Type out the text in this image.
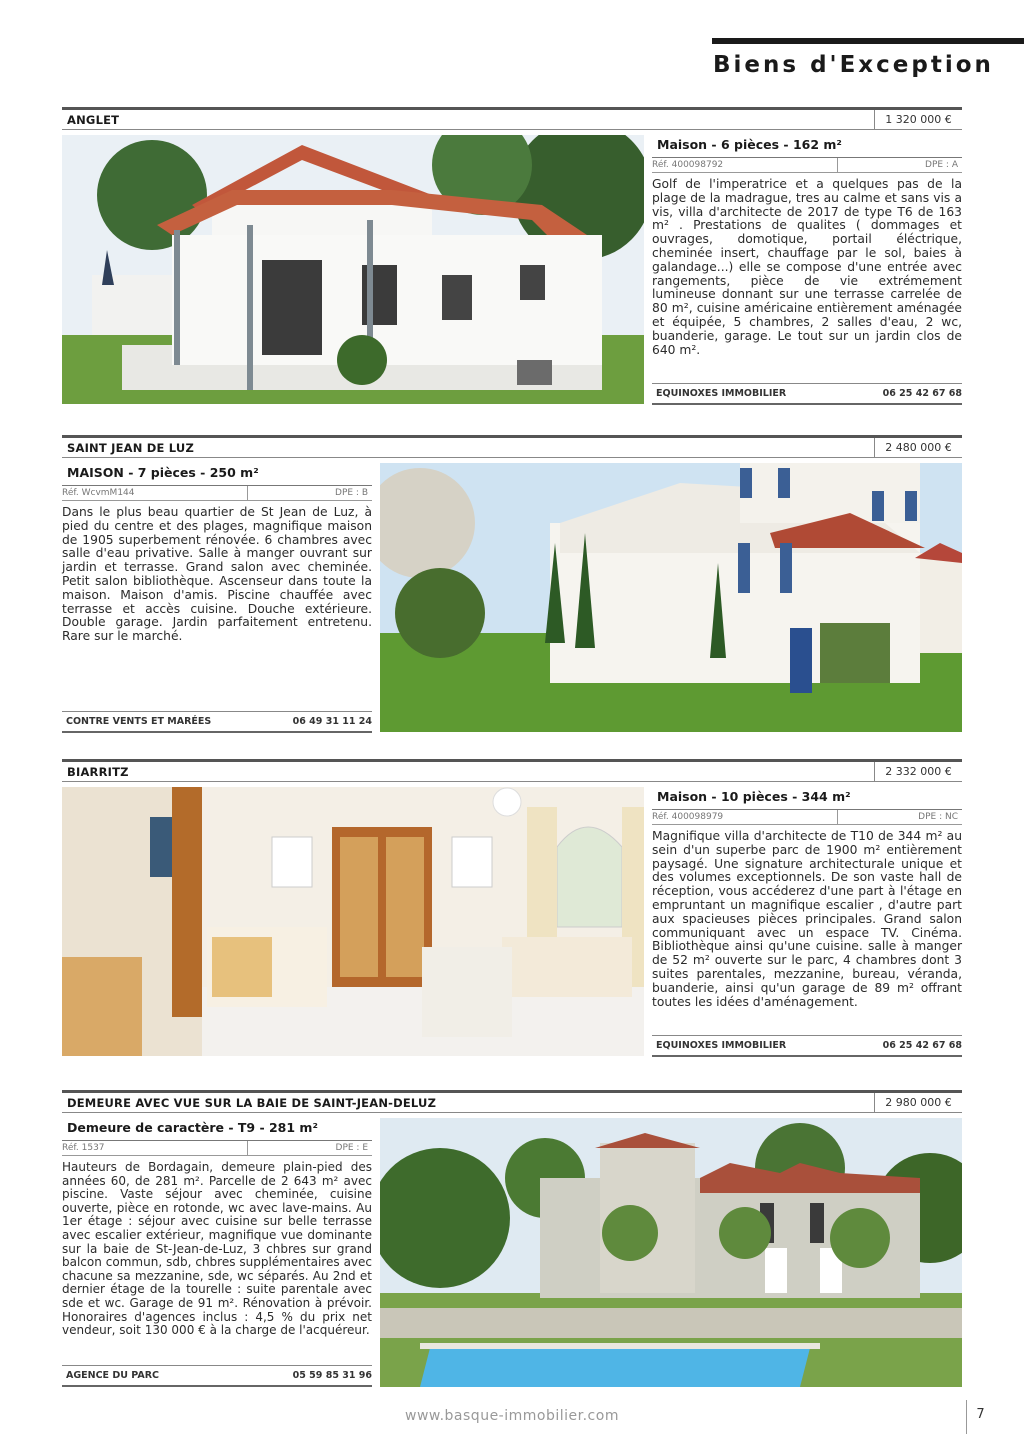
Biens d'Exception
ANGLET	1 320 000 €
Maison - 6 pièces - 162 m²
Réf. 400098792	DPE : A
Golf de l'imperatrice et a quelques pas de la plage de la madrague, tres au calme et sans vis a vis, villa d'architecte de 2017 de type T6 de 163 m² . Prestations de qualites ( dommages et ouvrages, domotique, portail éléctrique, cheminée insert, chauffage par le sol, baies à galandage...) elle se compose d'une entrée avec rangements, pièce de vie extrémement lumineuse donnant sur une terrasse carrelée de 80 m², cuisine américaine entièrement aménagée et équipée, 5 chambres, 2 salles d'eau, 2 wc, buanderie, garage. Le tout sur un jardin clos de 640 m².
EQUINOXES IMMOBILIER	06 25 42 67 68
SAINT JEAN DE LUZ	2 480 000 €
MAISON - 7 pièces - 250 m²
Réf. WcvmM144	DPE : B
Dans le plus beau quartier de St Jean de Luz, à pied du centre et des plages, magnifique maison de 1905 superbement rénovée. 6 chambres avec salle d'eau privative. Salle à manger ouvrant sur jardin et terrasse. Grand salon avec cheminée. Petit salon bibliothèque. Ascenseur dans toute la maison. Maison d'amis. Piscine chauffée avec terrasse et accès cuisine. Douche extérieure. Double garage. Jardin parfaitement entretenu. Rare sur le marché.
CONTRE VENTS ET MARÉES	06 49 31 11 24
BIARRITZ	2 332 000 €
Maison - 10 pièces - 344 m²
Réf. 400098979	DPE : NC
Magnifique villa d'architecte de T10 de 344 m² au sein d'un superbe parc de 1900 m² entièrement paysagé. Une signature architecturale unique et des volumes exceptionnels. De son vaste hall de réception, vous accéderez d'une part à l'étage en empruntant un magnifique escalier , d'autre part aux spacieuses pièces principales. Grand salon communiquant avec un espace TV. Cinéma. Bibliothèque ainsi qu'une cuisine. salle à manger de 52 m² ouverte sur le parc, 4 chambres dont 3 suites parentales, mezzanine, bureau, véranda, buanderie, ainsi qu'un garage de 89 m² offrant toutes les idées d'aménagement.
EQUINOXES IMMOBILIER	06 25 42 67 68
DEMEURE AVEC VUE SUR LA BAIE DE SAINT-JEAN-DELUZ	2 980 000 €
Demeure de caractère - T9 - 281 m²
Réf. 1537	DPE : E
Hauteurs de Bordagain, demeure plain-pied des années 60, de 281 m². Parcelle de 2 643 m² avec piscine. Vaste séjour avec cheminée, cuisine ouverte, pièce en rotonde, wc avec lave-mains. Au 1er étage : séjour avec cuisine sur belle terrasse avec escalier extérieur, magnifique vue dominante sur la baie de St-Jean-de-Luz, 3 chbres sur grand balcon commun, sdb, chbres supplémentaires avec chacune sa mezzanine, sde, wc séparés. Au 2nd et dernier étage de la tourelle : suite parentale avec sde et wc. Garage de 91 m². Rénovation à prévoir. Honoraires d'agences inclus : 4,5 % du prix net vendeur, soit 130 000 € à la charge de l'acquéreur.
AGENCE DU PARC	05 59 85 31 96
www.basque-immobilier.com	7
